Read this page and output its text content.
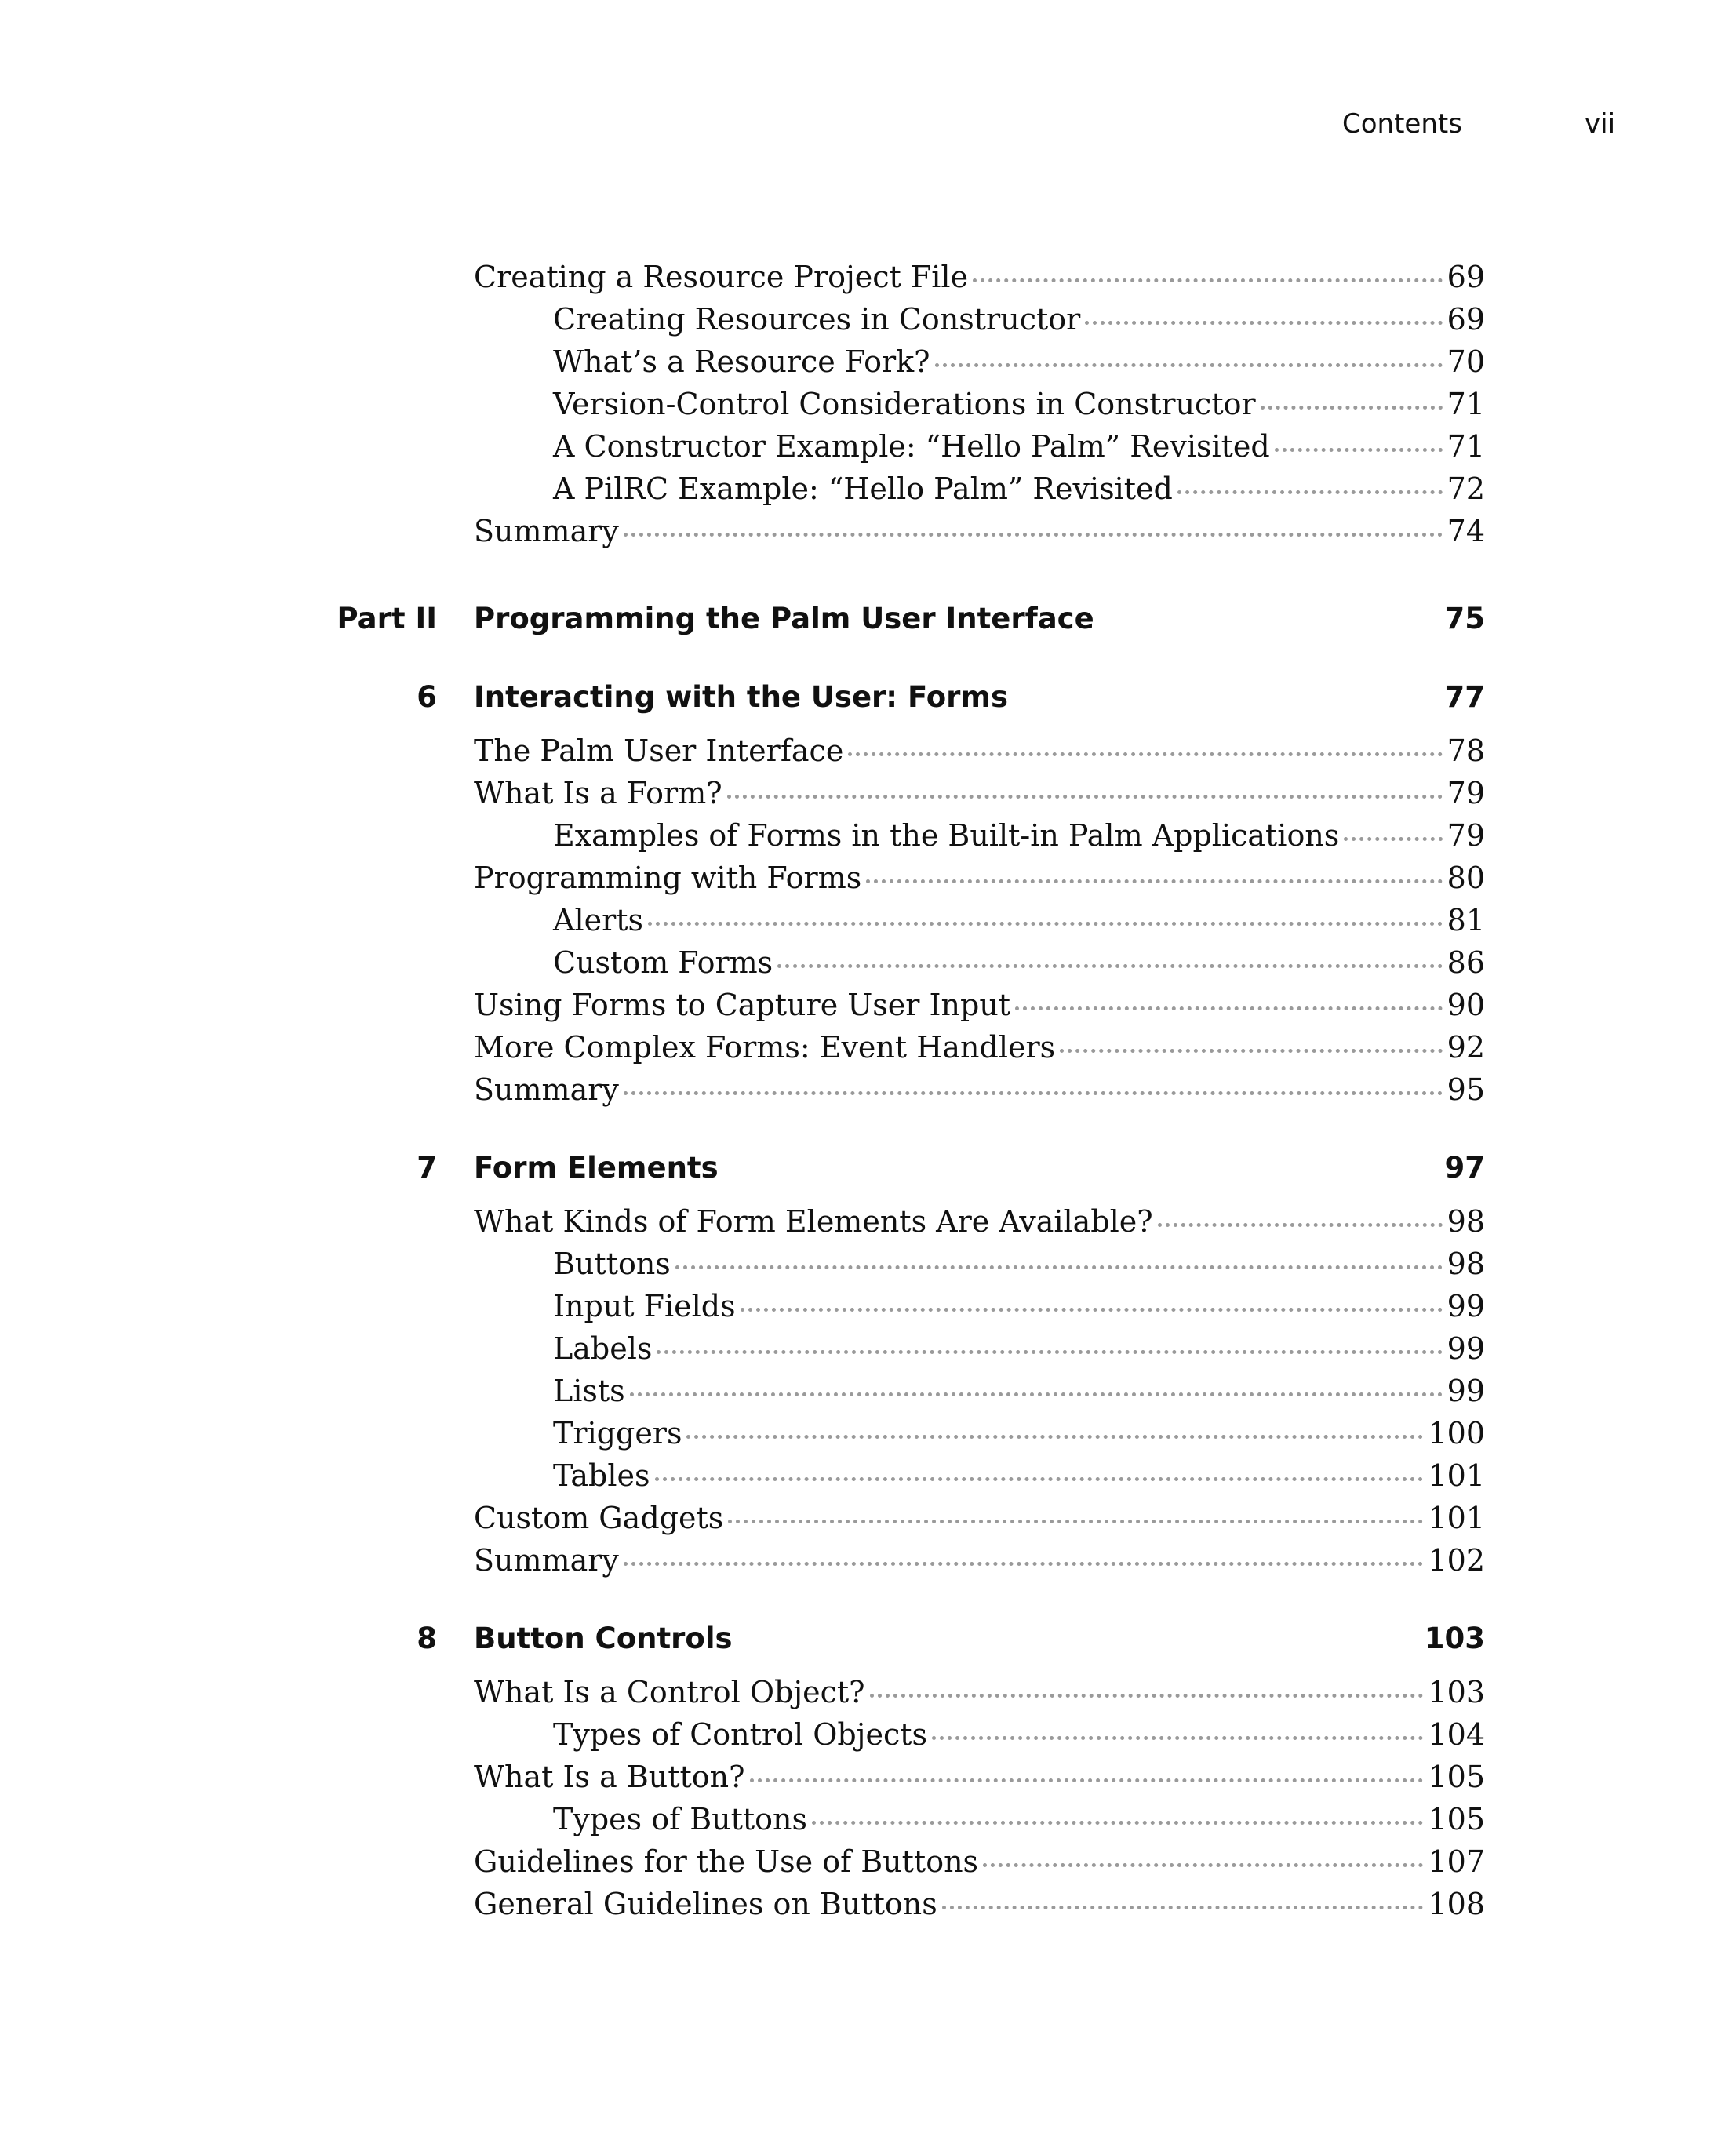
Contents	vii
Creating a Resource Project File	69
Creating Resources in Constructor	69
What’s a Resource Fork?	70
Version-Control Considerations in Constructor	71
A Constructor Example: “Hello Palm” Revisited	71
A PilRC Example: “Hello Palm” Revisited	72
Summary	74
Part II Programming the Palm User Interface	75
6 Interacting with the User: Forms	77
The Palm User Interface	78
What Is a Form?	79
Examples of Forms in the Built-in Palm Applications	79
Programming with Forms	80
Alerts	81
Custom Forms	86
Using Forms to Capture User Input	90
More Complex Forms: Event Handlers	92
Summary	95
7 Form Elements	97
What Kinds of Form Elements Are Available?	98
Buttons	98
Input Fields	99
Labels	99
Lists	99
Triggers	100
Tables	101
Custom Gadgets	101
Summary	102
8 Button Controls	103
What Is a Control Object?	103
Types of Control Objects	104
What Is a Button?	105
Types of Buttons	105
Guidelines for the Use of Buttons	107
General Guidelines on Buttons	108
